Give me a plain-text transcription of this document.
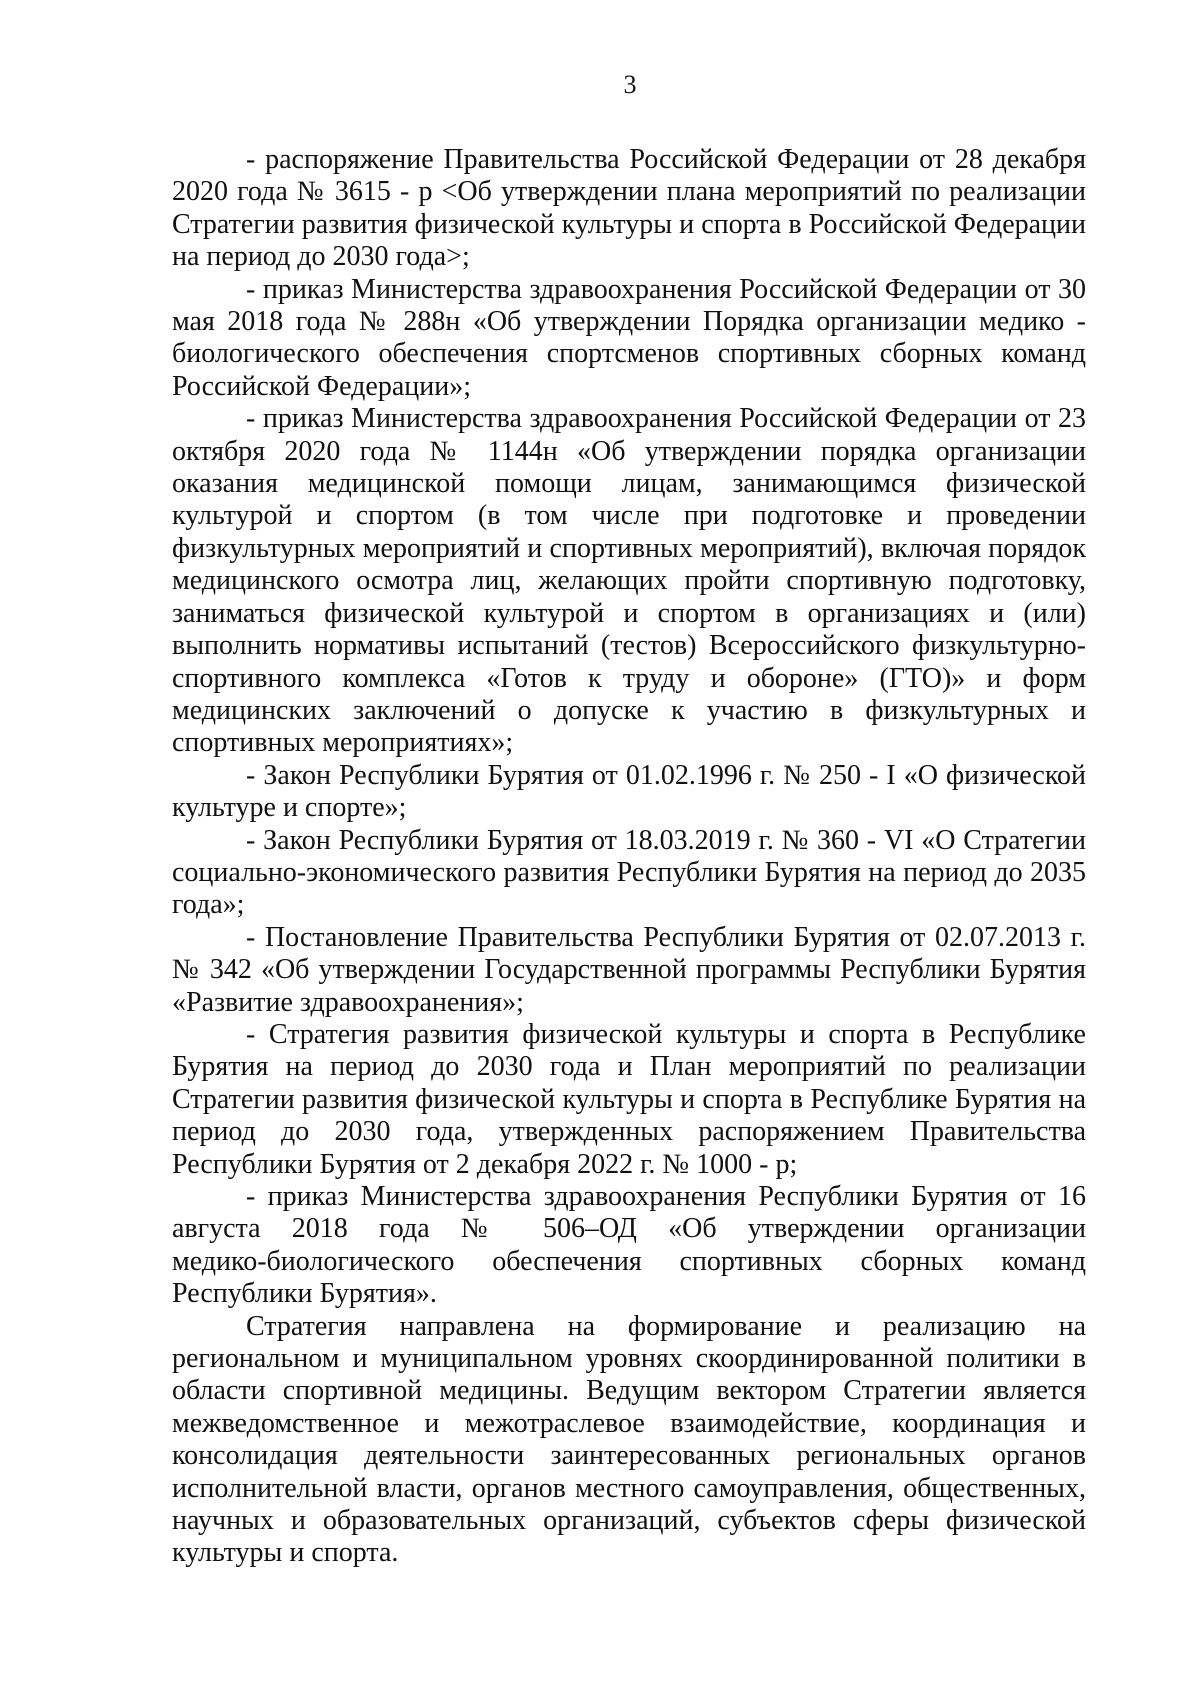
3

- распоряжение Правительства Российской Федерации от 28 декабря 2020 года № 3615 - р <Об утверждении плана мероприятий по реализации Стратегии развития физической культуры и спорта в Российской Федерации на период до 2030 года>;

- приказ Министерства здравоохранения Российской Федерации от 30 мая 2018 года № 288н «Об утверждении Порядка организации медико - биологического обеспечения спортсменов спортивных сборных команд Российской Федерации»;

- приказ Министерства здравоохранения Российской Федерации от 23 октября 2020 года № 1144н «Об утверждении порядка организации оказания медицинской помощи лицам, занимающимся физической культурой и спортом (в том числе при подготовке и проведении физкультурных мероприятий и спортивных мероприятий), включая порядок медицинского осмотра лиц, желающих пройти спортивную подготовку, заниматься физической культурой и спортом в организациях и (или) выполнить нормативы испытаний (тестов) Всероссийского физкультурно-спортивного комплекса «Готов к труду и обороне» (ГТО)» и форм медицинских заключений о допуске к участию в физкультурных и спортивных мероприятиях»;

- Закон Республики Бурятия от 01.02.1996 г. № 250 - I «О физической культуре и спорте»;

- Закон Республики Бурятия от 18.03.2019 г. № 360 - VI «О Стратегии социально-экономического развития Республики Бурятия на период до 2035 года»;

- Постановление Правительства Республики Бурятия от 02.07.2013 г. № 342 «Об утверждении Государственной программы Республики Бурятия «Развитие здравоохранения»;

- Стратегия развития физической культуры и спорта в Республике Бурятия на период до 2030 года и План мероприятий по реализации Стратегии развития физической культуры и спорта в Республике Бурятия на период до 2030 года, утвержденных распоряжением Правительства Республики Бурятия от 2 декабря 2022 г. № 1000 - р;

- приказ Министерства здравоохранения Республики Бурятия от 16
августа 2018 года № 506–ОД «Об утверждении организации
медико-биологического обеспечения спортивных сборных команд
Республики Бурятия».

Стратегия направлена на формирование и реализацию на региональном и муниципальном уровнях скоординированной политики в области спортивной медицины. Ведущим вектором Стратегии является межведомственное и межотраслевое взаимодействие, координация и консолидация деятельности заинтересованных региональных органов исполнительной власти, органов местного самоуправления, общественных, научных и образовательных организаций, субъектов сферы физической культуры и спорта.
